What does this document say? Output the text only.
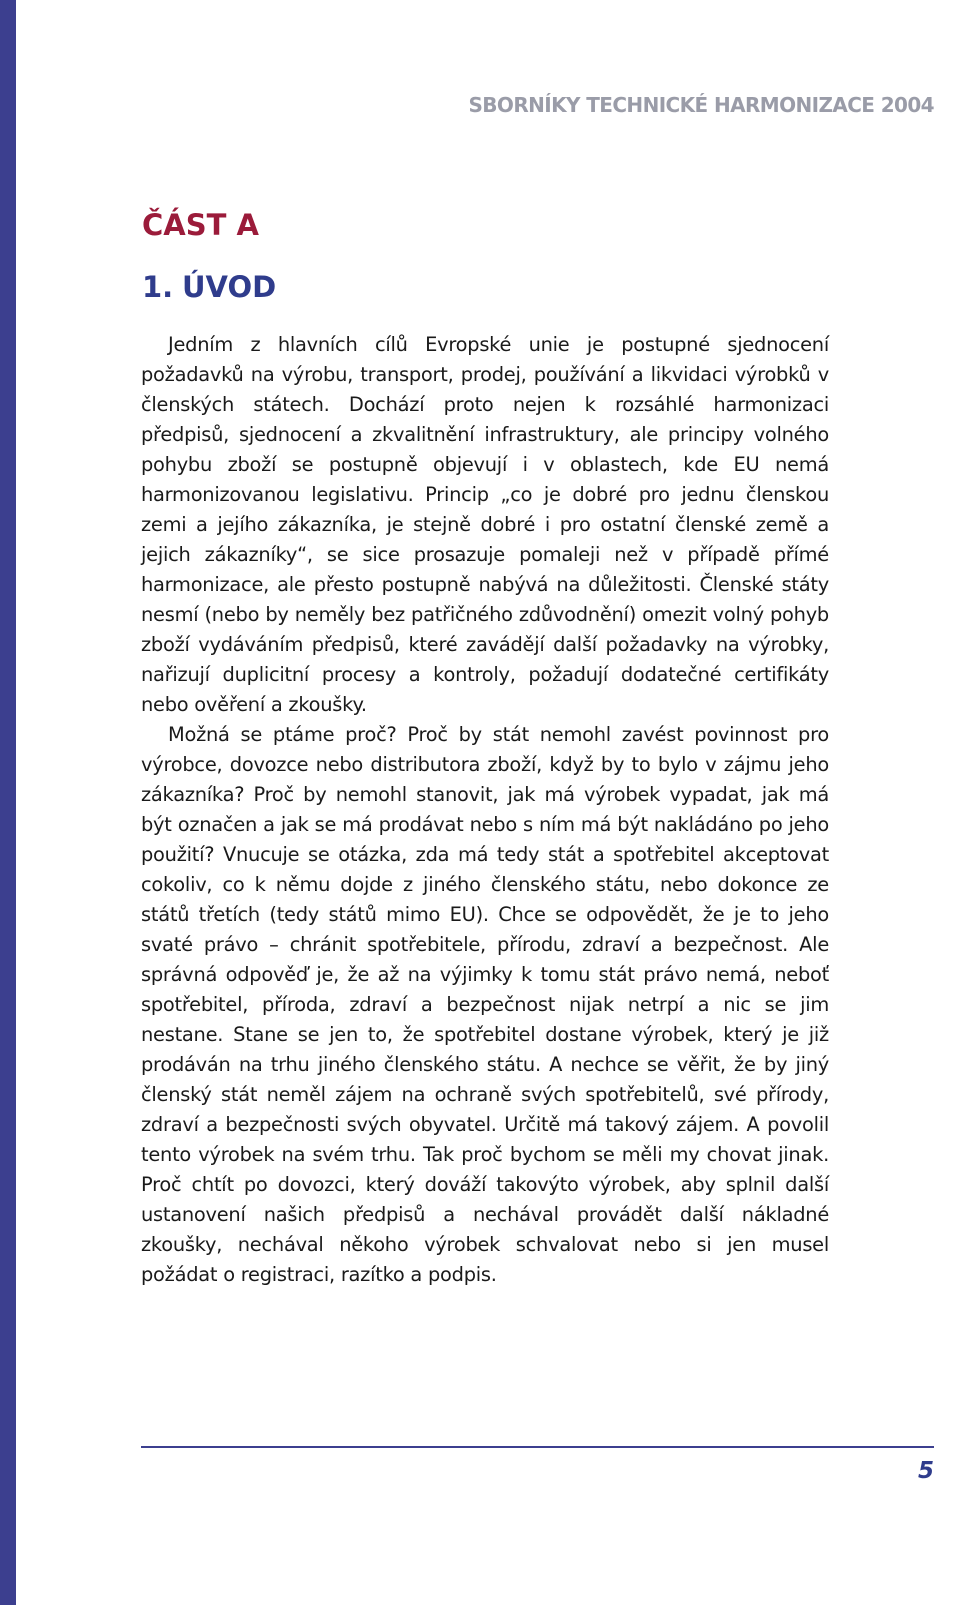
SBORNÍKY TECHNICKÉ HARMONIZACE 2004
ČÁST A
1. ÚVOD

Jedním z hlavních cílů Evropské unie je postupné sjednocení požadavků na výrobu, transport, prodej, používání a likvidaci výrobků v členských státech. Dochází proto nejen k rozsáhlé harmonizaci předpisů, sjednocení a zkvalitnění infrastruktury, ale principy volného pohybu zboží se postupně objevují i v oblastech, kde EU nemá harmonizovanou legislativu. Princip „co je dobré pro jednu členskou zemi a jejího zákazníka, je stejně dobré i pro ostatní členské země a jejich zákazníky“, se sice prosazuje pomaleji než v případě přímé harmonizace, ale přesto postupně nabývá na důležitosti. Členské státy nesmí (nebo by neměly bez patřičného zdůvodnění) omezit volný pohyb zboží vydáváním předpisů, které zavádějí další požadavky na výrobky, nařizují duplicitní procesy a kontroly, požadují dodatečné certifikáty nebo ověření a zkoušky.

Možná se ptáme proč? Proč by stát nemohl zavést povinnost pro výrobce, dovozce nebo distributora zboží, když by to bylo v zájmu jeho zákazníka? Proč by nemohl stanovit, jak má výrobek vypadat, jak má být označen a jak se má prodávat nebo s ním má být nakládáno po jeho použití? Vnucuje se otázka, zda má tedy stát a spotřebitel akceptovat cokoliv, co k němu dojde z jiného členského státu, nebo dokonce ze států třetích (tedy států mimo EU). Chce se odpovědět, že je to jeho svaté právo – chránit spotřebitele, přírodu, zdraví a bezpečnost. Ale správná odpověď je, že až na výjimky k tomu stát právo nemá, neboť spotřebitel, příroda, zdraví a bezpečnost nijak netrpí a nic se jim nestane. Stane se jen to, že spotřebitel dostane výrobek, který je již prodáván na trhu jiného členského státu. A nechce se věřit, že by jiný členský stát neměl zájem na ochraně svých spotřebitelů, své přírody, zdraví a bezpečnosti svých obyvatel. Určitě má takový zájem. A povolil tento výrobek na svém trhu. Tak proč bychom se měli my chovat jinak. Proč chtít po dovozci, který dováží takovýto výrobek, aby splnil další ustanovení našich předpisů a nechával provádět další nákladné zkoušky, nechával někoho výrobek schvalovat nebo si jen musel požádat o registraci, razítko a podpis.

5
